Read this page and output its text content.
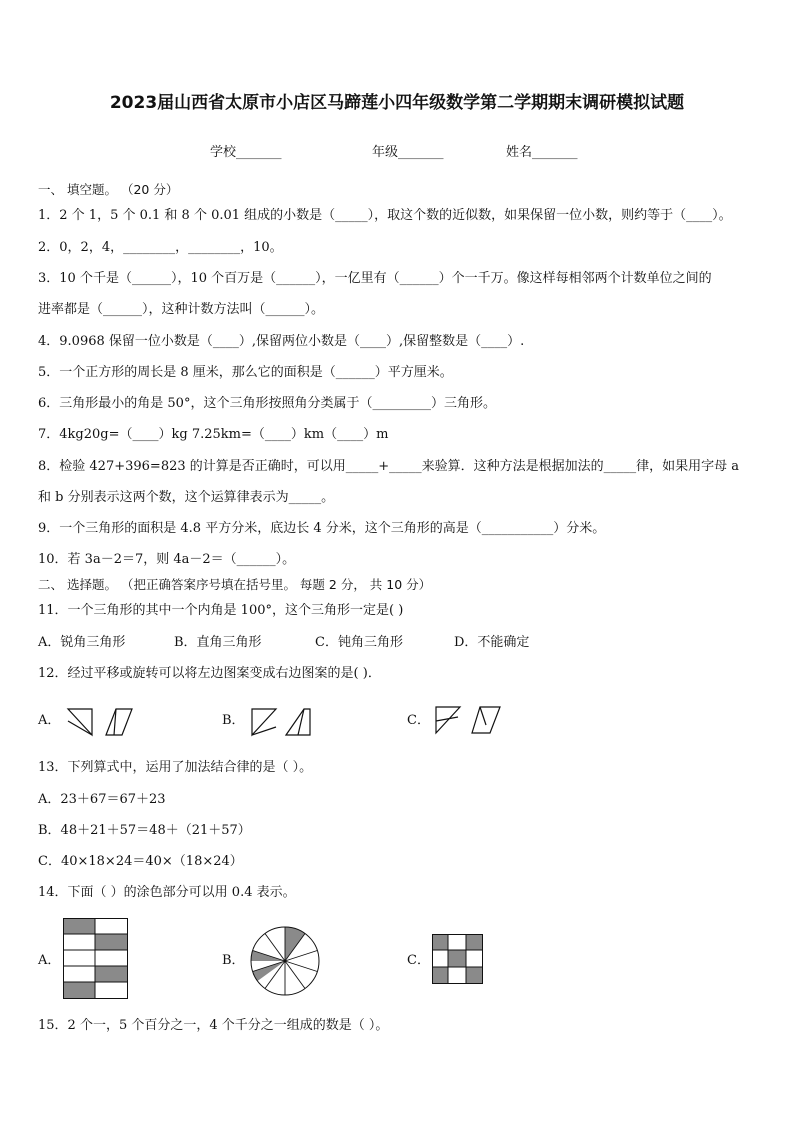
2023届山西省太原市小店区马蹄莲小四年级数学第二学期期末调研模拟试题
学校_______	年级_______	姓名_______
一、 填空题。 （20 分）
1．2 个 1，5 个 0.1 和 8 个 0.01 组成的小数是（_____），取这个数的近似数，如果保留一位小数，则约等于（____）。
2．0，2，4，________，________，10。
3．10 个千是（______），10 个百万是（______），一亿里有（______）个一千万。像这样每相邻两个计数单位之间的
进率都是（______），这种计数方法叫（______）。
4．9.0968 保留一位小数是（____）,保留两位小数是（____）,保留整数是（____）.
5．一个正方形的周长是 8 厘米，那么它的面积是（______）平方厘米。
6．三角形最小的角是 50°，这个三角形按照角分类属于（_________）三角形。
7．4kg20g=（____）kg 7.25km=（____）km（____）m
8．检验 427+396=823 的计算是否正确时，可以用_____+_____来验算．这种方法是根据加法的_____律，如果用字母 a
和 b 分别表示这两个数，这个运算律表示为_____。
9．一个三角形的面积是 4.8 平方分米，底边长 4 分米，这个三角形的高是（___________）分米。
10．若 3a－2＝7，则 4a－2＝（______）。
二、 选择题。 （把正确答案序号填在括号里。 每题 2 分， 共 10 分）
11．一个三角形的其中一个内角是 100°，这个三角形一定是( )
A．锐角三角形	B．直角三角形	C．钝角三角形	D．不能确定
12．经过平移或旋转可以将左边图案变成右边图案的是( )．
A．	B．	C．
13．下列算式中，运用了加法结合律的是（ ）。
A．23＋67＝67＋23
B．48＋21＋57＝48＋（21＋57）
C．40×18×24＝40×（18×24）
14．下面（ ）的涂色部分可以用 0.4 表示。
A．	B．	C．
15．2 个一，5 个百分之一，4 个千分之一组成的数是（ ）。
